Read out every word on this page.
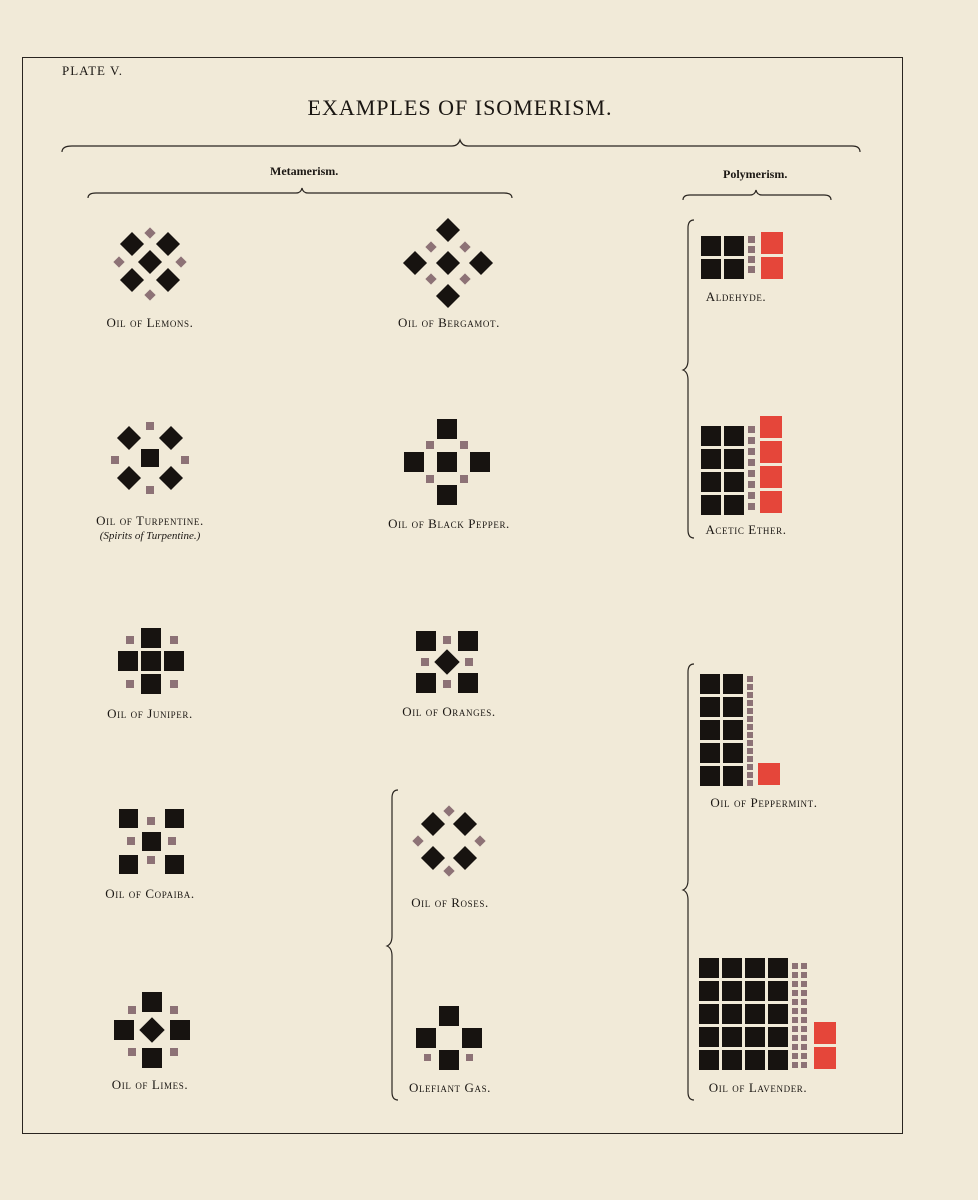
PLATE V.
EXAMPLES OF ISOMERISM.
Metamerism.	Polymerism.
Oil of Lemons.	Oil of Bergamot.
Oil of Turpentine.
(Spirits of Turpentine.)
Oil of Black Pepper.
Oil of Juniper.	Oil of Oranges.
Oil of Copaiba.
Oil of Roses.
Oil of Limes.	Olefiant Gas.
Aldehyde.
Acetic Ether.
Oil of Peppermint.
Oil of Lavender.
